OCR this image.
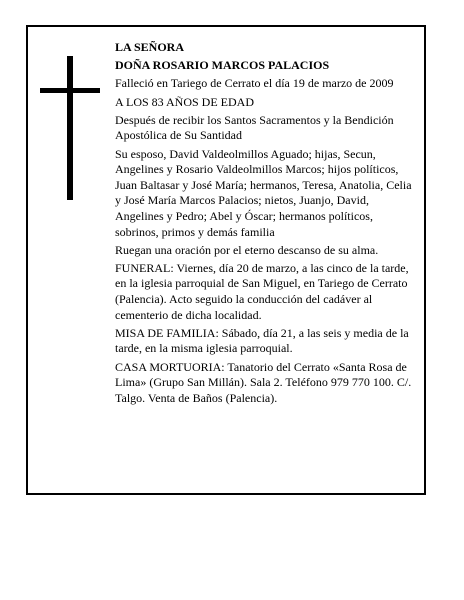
LA SEÑORA

DOÑA ROSARIO MARCOS PALACIOS

Falleció en Tariego de Cerrato el día 19 de marzo de 2009

A LOS 83 AÑOS DE EDAD

Después de recibir los Santos Sacramentos y la Bendición Apostólica de Su Santidad

Su esposo, David Valdeolmillos Aguado; hijas, Secun, Angelines y Rosario Valdeolmillos Marcos; hijos políticos, Juan Baltasar y José María; hermanos, Teresa, Anatolia, Celia y José María Marcos Palacios; nietos, Juanjo, David, Angelines y Pedro; Abel y Óscar; hermanos políticos, sobrinos, primos y demás familia

Ruegan una oración por el eterno descanso de su alma.

FUNERAL: Viernes, día 20 de marzo, a las cinco de la tarde, en la iglesia parroquial de San Miguel, en Tariego de Cerrato (Palencia). Acto seguido la conducción del cadáver al cementerio de dicha localidad.

MISA DE FAMILIA: Sábado, día 21, a las seis y media de la tarde, en la misma iglesia parroquial.

CASA MORTUORIA: Tanatorio del Cerrato «Santa Rosa de Lima» (Grupo San Millán). Sala 2. Teléfono 979 770 100. C/. Talgo. Venta de Baños (Palencia).
